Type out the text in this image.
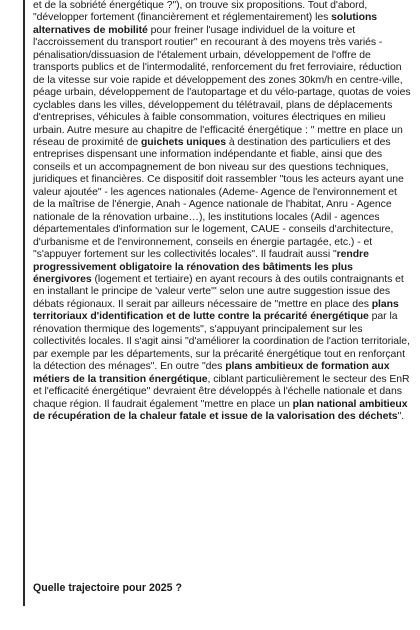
et de la sobriété énergétique ?"), on trouve six propositions. Tout d'abord, "développer fortement (financièrement et réglementairement) les solutions alternatives de mobilité pour freiner l'usage individuel de la voiture et l'accroissement du transport routier" en recourant à des moyens très variés - pénalisation/dissuasion de l'étalement urbain, développement de l'offre de transports publics et de l'intermodalité, renforcement du fret ferroviaire, réduction de la vitesse sur voie rapide et développement des zones 30km/h en centre-ville, péage urbain, développement de l'autopartage et du vélo-partage, quotas de voies cyclables dans les villes, développement du télétravail, plans de déplacements d'entreprises, véhicules à faible consommation, voitures électriques en milieu urbain. Autre mesure au chapitre de l'efficacité énergétique : " mettre en place un réseau de proximité de guichets uniques à destination des particuliers et des entreprises dispensant une information indépendante et fiable, ainsi que des conseils et un accompagnement de bon niveau sur des questions techniques, juridiques et financières. Ce dispositif doit rassembler "tous les acteurs ayant une valeur ajoutée" - les agences nationales (Ademe- Agence de l'environnement et de la maîtrise de l'énergie, Anah - Agence nationale de l'habitat, Anru - Agence nationale de la rénovation urbaine…), les institutions locales (Adil - agences départementales d'information sur le logement, CAUE - conseils d'architecture, d'urbanisme et de l'environnement, conseils en énergie partagée, etc.) - et "s'appuyer fortement sur les collectivités locales". Il faudrait aussi "rendre progressivement obligatoire la rénovation des bâtiments les plus énergivores (logement et tertiaire) en ayant recours à des outils contraignants et en installant le principe de 'valeur verte'" selon une autre suggestion issue des débats régionaux. Il serait par ailleurs nécessaire de "mettre en place des plans territoriaux d'identification et de lutte contre la précarité énergétique par la rénovation thermique des logements", s'appuyant principalement sur les collectivités locales. Il s'agit ainsi "d'améliorer la coordination de l'action territoriale, par exemple par les départements, sur la précarité énergétique tout en renforçant la détection des ménages". En outre "des plans ambitieux de formation aux métiers de la transition énergétique, ciblant particulièrement le secteur des EnR et l'efficacité énergétique" devraient être développés à l'échelle nationale et dans chaque région. Il faudrait également "mettre en place un plan national ambitieux de récupération de la chaleur fatale et issue de la valorisation des déchets".

Quelle trajectoire pour 2025 ?
